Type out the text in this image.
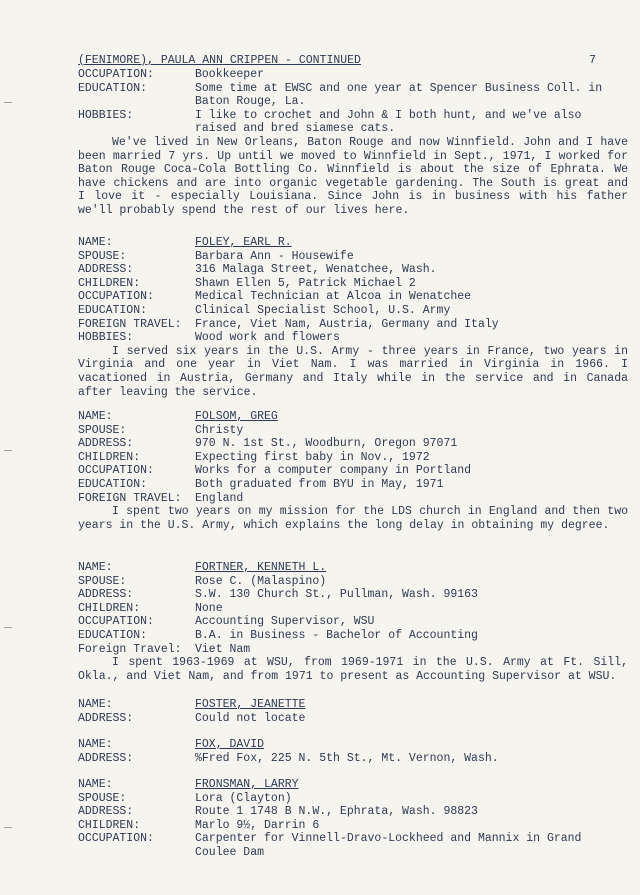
(FENIMORE), PAULA ANN CRIPPEN - CONTINUED	7
OCCUPATION:	Bookkeeper
EDUCATION:	Some time at EWSC and one year at Spencer Business Coll. in Baton Rouge, La.
HOBBIES:	I like to crochet and John & I both hunt, and we've also raised and bred siamese cats.

We've lived in New Orleans, Baton Rouge and now Winnfield. John and I have been married 7 yrs. Up until we moved to Winnfield in Sept., 1971, I worked for Baton Rouge Coca-Cola Bottling Co. Winnfield is about the size of Ephrata. We have chickens and are into organic vegetable gardening. The South is great and I love it - especially Louisiana. Since John is in business with his father we'll probably spend the rest of our lives here.

NAME:	FOLEY, EARL R.
SPOUSE:	Barbara Ann - Housewife
ADDRESS:	316 Malaga Street, Wenatchee, Wash.
CHILDREN:	Shawn Ellen 5, Patrick Michael 2
OCCUPATION:	Medical Technician at Alcoa in Wenatchee
EDUCATION:	Clinical Specialist School, U.S. Army
FOREIGN TRAVEL:	France, Viet Nam, Austria, Germany and Italy
HOBBIES:	Wood work and flowers

I served six years in the U.S. Army - three years in France, two years in Virginia and one year in Viet Nam. I was married in Virginia in 1966. I vacationed in Austria, Germany and Italy while in the service and in Canada after leaving the service.

NAME:	FOLSOM, GREG
SPOUSE:	Christy
ADDRESS:	970 N. 1st St., Woodburn, Oregon 97071
CHILDREN:	Expecting first baby in Nov., 1972
OCCUPATION:	Works for a computer company in Portland
EDUCATION:	Both graduated from BYU in May, 1971
FOREIGN TRAVEL:	England

I spent two years on my mission for the LDS church in England and then two years in the U.S. Army, which explains the long delay in obtaining my degree.

NAME:	FORTNER, KENNETH L.
SPOUSE:	Rose C. (Malaspino)
ADDRESS:	S.W. 130 Church St., Pullman, Wash. 99163
CHILDREN:	None
OCCUPATION:	Accounting Supervisor, WSU
EDUCATION:	B.A. in Business - Bachelor of Accounting
Foreign Travel:	Viet Nam

I spent 1963-1969 at WSU, from 1969-1971 in the U.S. Army at Ft. Sill, Okla., and Viet Nam, and from 1971 to present as Accounting Supervisor at WSU.

NAME:	FOSTER, JEANETTE
ADDRESS:	Could not locate
NAME:	FOX, DAVID
ADDRESS:	%Fred Fox, 225 N. 5th St., Mt. Vernon, Wash.
NAME:	FRONSMAN, LARRY
SPOUSE:	Lora (Clayton)
ADDRESS:	Route 1 1748 B N.W., Ephrata, Wash. 98823
CHILDREN:	Marlo 9½, Darrin 6
OCCUPATION:	Carpenter for Vinnell-Dravo-Lockheed and Mannix in Grand Coulee Dam
